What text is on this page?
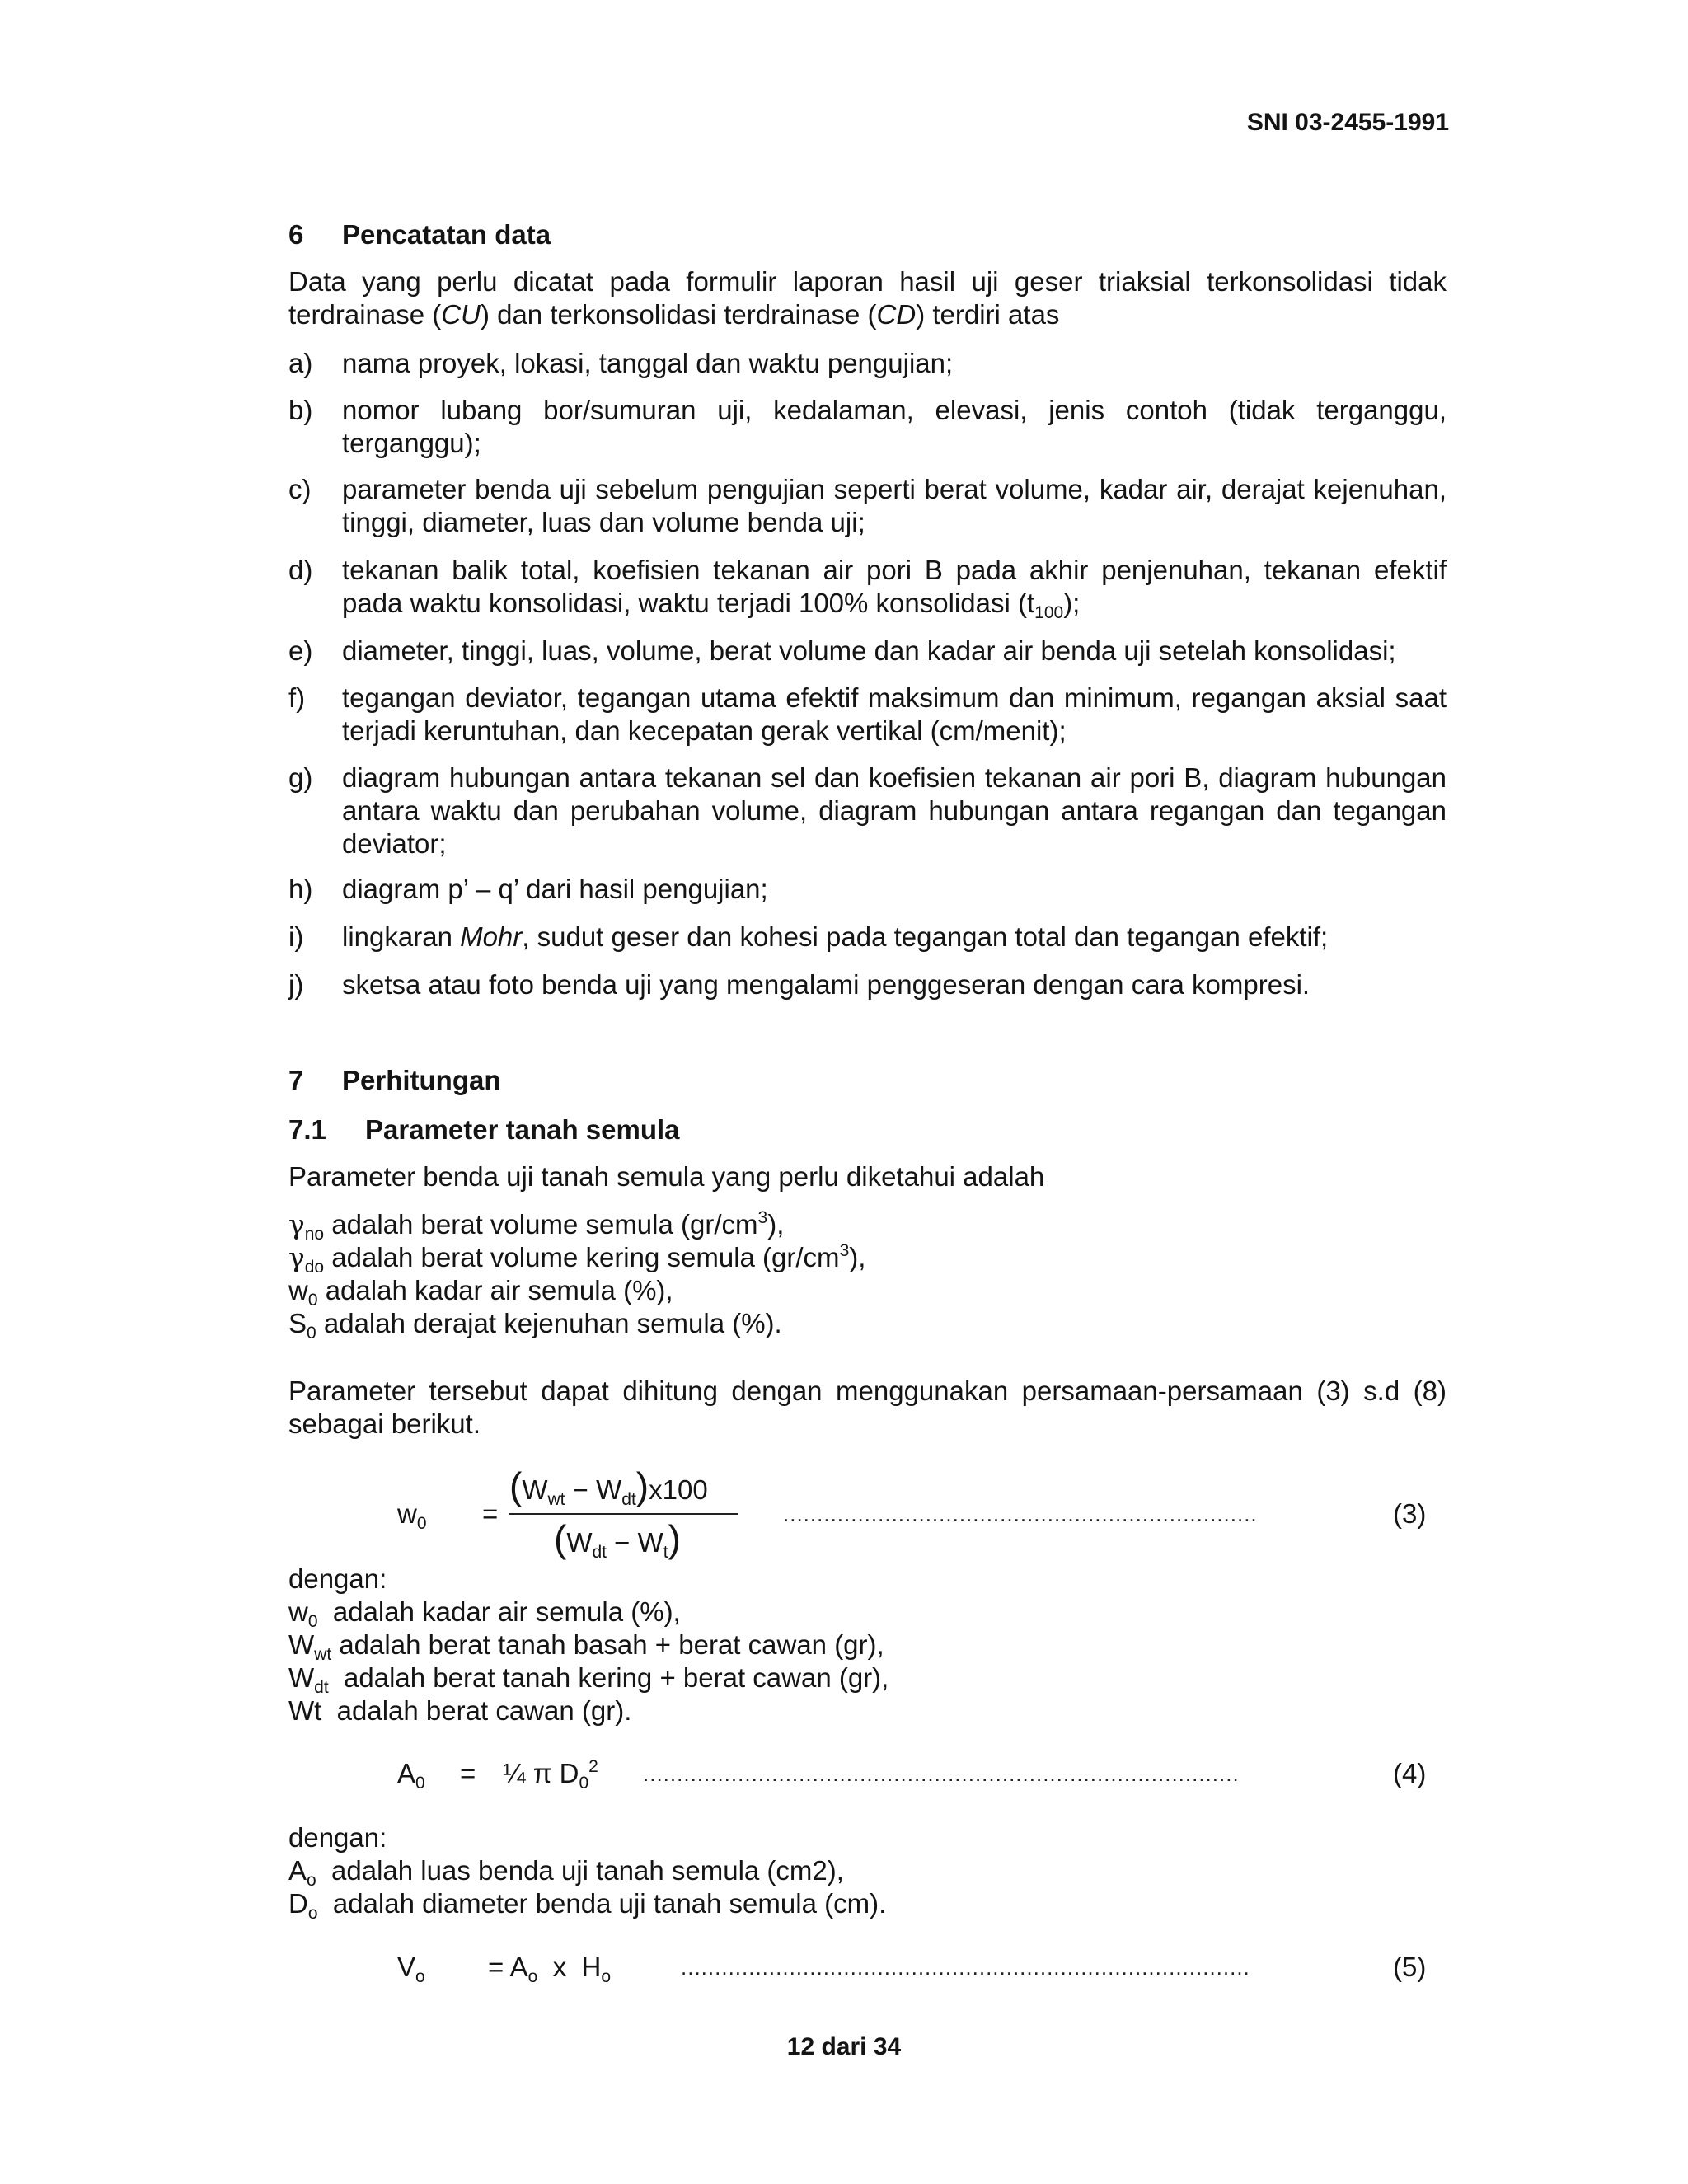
SNI 03-2455-1991
6 Pencatatan data
Data yang perlu dicatat pada formulir laporan hasil uji geser triaksial terkonsolidasi tidak terdrainase (CU) dan terkonsolidasi terdrainase (CD) terdiri atas
a) nama proyek, lokasi, tanggal dan waktu pengujian;
b) nomor lubang bor/sumuran uji, kedalaman, elevasi, jenis contoh (tidak terganggu, terganggu);
c) parameter benda uji sebelum pengujian seperti berat volume, kadar air, derajat kejenuhan, tinggi, diameter, luas dan volume benda uji;
d) tekanan balik total, koefisien tekanan air pori B pada akhir penjenuhan, tekanan efektif pada waktu konsolidasi, waktu terjadi 100% konsolidasi $(t_{100})$;
e) diameter, tinggi, luas, volume, berat volume dan kadar air benda uji setelah konsolidasi;
f) tegangan deviator, tegangan utama efektif maksimum dan minimum, regangan aksial saat terjadi keruntuhan, dan kecepatan gerak vertikal (cm/menit);
g) diagram hubungan antara tekanan sel dan koefisien tekanan air pori B, diagram hubungan antara waktu dan perubahan volume, diagram hubungan antara regangan dan tegangan deviator;
h) diagram p’ – q’ dari hasil pengujian;
i) lingkaran Mohr, sudut geser dan kohesi pada tegangan total dan tegangan efektif;
j) sketsa atau foto benda uji yang mengalami penggeseran dengan cara kompresi.
7 Perhitungan
7.1 Parameter tanah semula
Parameter benda uji tanah semula yang perlu diketahui adalah
$\gamma_{no}$ adalah berat volume semula $(gr/cm^3)$,
$\gamma_{do}$ adalah berat volume kering semula $(gr/cm^3)$,
$w_0$ adalah kadar air semula (%),
$S_0$ adalah derajat kejenuhan semula (%).
Parameter tersebut dapat dihitung dengan menggunakan persamaan-persamaan (3) s.d (8) sebagai berikut.
$w_0$ =
$(W_{wt} - W_{dt})x100$
$(W_{dt} - W_t)$
......................................................................	(3)
dengan:
$w_0$  adalah kadar air semula (%),
$W_{wt}$ adalah berat tanah basah + berat cawan (gr),
$W_{dt}$  adalah berat tanah kering + berat cawan (gr),
Wt  adalah berat cawan (gr).
$A_0$ = ¼ π $D_0^2$ ........................................................................................	(4)
dengan:
$A_o$  adalah luas benda uji tanah semula (cm2),
$D_o$  adalah diameter benda uji tanah semula (cm).
$V_o = A_o$ x $H_o$	....................................................................................	(5)
12 dari 34
